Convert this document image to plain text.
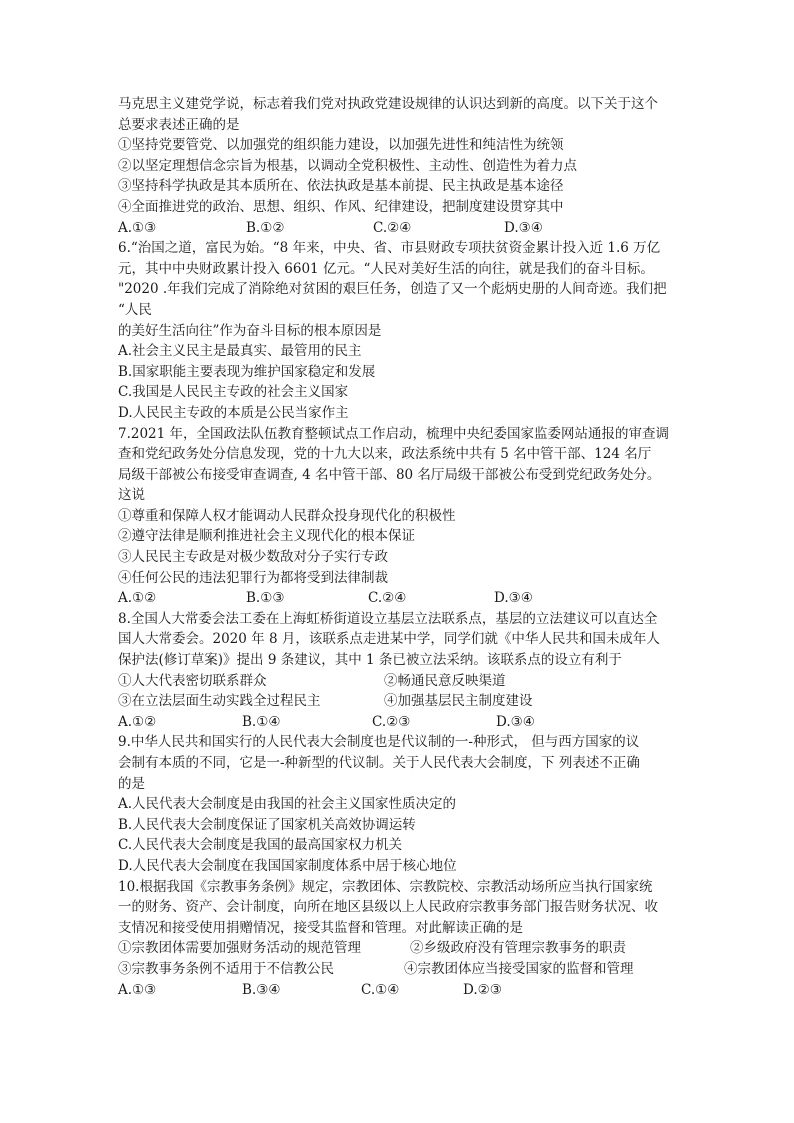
马克思主义建党学说，标志着我们党对执政党建设规律的认识达到新的高度。以下关于这个
总要求表述正确的是
①坚持党要管党、以加强党的组织能力建设，以加强先进性和纯洁性为统领
②以坚定理想信念宗旨为根基，以调动全党积极性、主动性、创造性为着力点
③坚持科学执政是其本质所在、依法执政是基本前提、民主执政是基本途径
④全面推进党的政治、思想、组织、作风、纪律建设，把制度建设贯穿其中
A.①③	B.①②	C.②④	D.③④
6.“治国之道，富民为始。“8 年来，中央、省、市县财政专项扶贫资金累计投入近 1.6 万亿
元，其中中央财政累计投入 6601 亿元。“人民对美好生活的向往，就是我们的奋斗目标。
"2020 .年我们完成了消除绝对贫困的艰巨任务，创造了又一个彪炳史册的人间奇迹。我们把
“人民
的美好生活向往”作为奋斗目标的根本原因是
A.社会主义民主是最真实、最管用的民主
B.国家职能主要表现为维护国家稳定和发展
C.我国是人民民主专政的社会主义国家
D.人民民主专政的本质是公民当家作主
7.2021 年，全国政法队伍教育整顿试点工作启动，梳理中央纪委国家监委网站通报的审查调
查和党纪政务处分信息发现，党的十九大以来，政法系统中共有 5 名中管干部、124 名厅
局级干部被公布接受审查调查, 4 名中管干部、80 名厅局级干部被公布受到党纪政务处分。
这说
①尊重和保障人权才能调动人民群众投身现代化的积极性
②遵守法律是顺利推进社会主义现代化的根本保证
③人民民主专政是对极少数敌对分子实行专政
④任何公民的违法犯罪行为都将受到法律制裁
A.①②	B.①③	C.②④	D.③④
8.全国人大常委会法工委在上海虹桥街道设立基层立法联系点，基层的立法建议可以直达全
国人大常委会。2020 年 8 月，该联系点走进某中学，同学们就《中华人民共和国未成年人
保护法(修订草案)》提出 9 条建议，其中 1 条已被立法采纳。该联系点的设立有利于
①人大代表密切联系群众	②畅通民意反映渠道
③在立法层面生动实践全过程民主	④加强基层民主制度建设
A.①②	B.①④	C.②③	D.③④
9.中华人民共和国实行的人民代表大会制度也是代议制的一-种形式， 但与西方国家的议
会制有本质的不同，它是一-种新型的代议制。关于人民代表大会制度，下 列表述不正确
的是
A.人民代表大会制度是由我国的社会主义国家性质决定的
B.人民代表大会制度保证了国家机关高效协调运转
C.人民代表大会制度是我国的最高国家权力机关
D.人民代表大会制度在我国国家制度体系中居于核心地位
10.根据我国《宗教事务条例》规定，宗教团体、宗教院校、宗教活动场所应当执行国家统
一的财务、资产、会计制度，向所在地区县级以上人民政府宗教事务部门报告财务状况、收
支情况和接受使用捐赠情况，接受其监督和管理。对此解读正确的是
①宗教团体需要加强财务活动的规范管理	②乡级政府没有管理宗教事务的职责
③宗教事务条例不适用于不信教公民	④宗教团体应当接受国家的监督和管理
A.①③	B.③④	C.①④	D.②③
